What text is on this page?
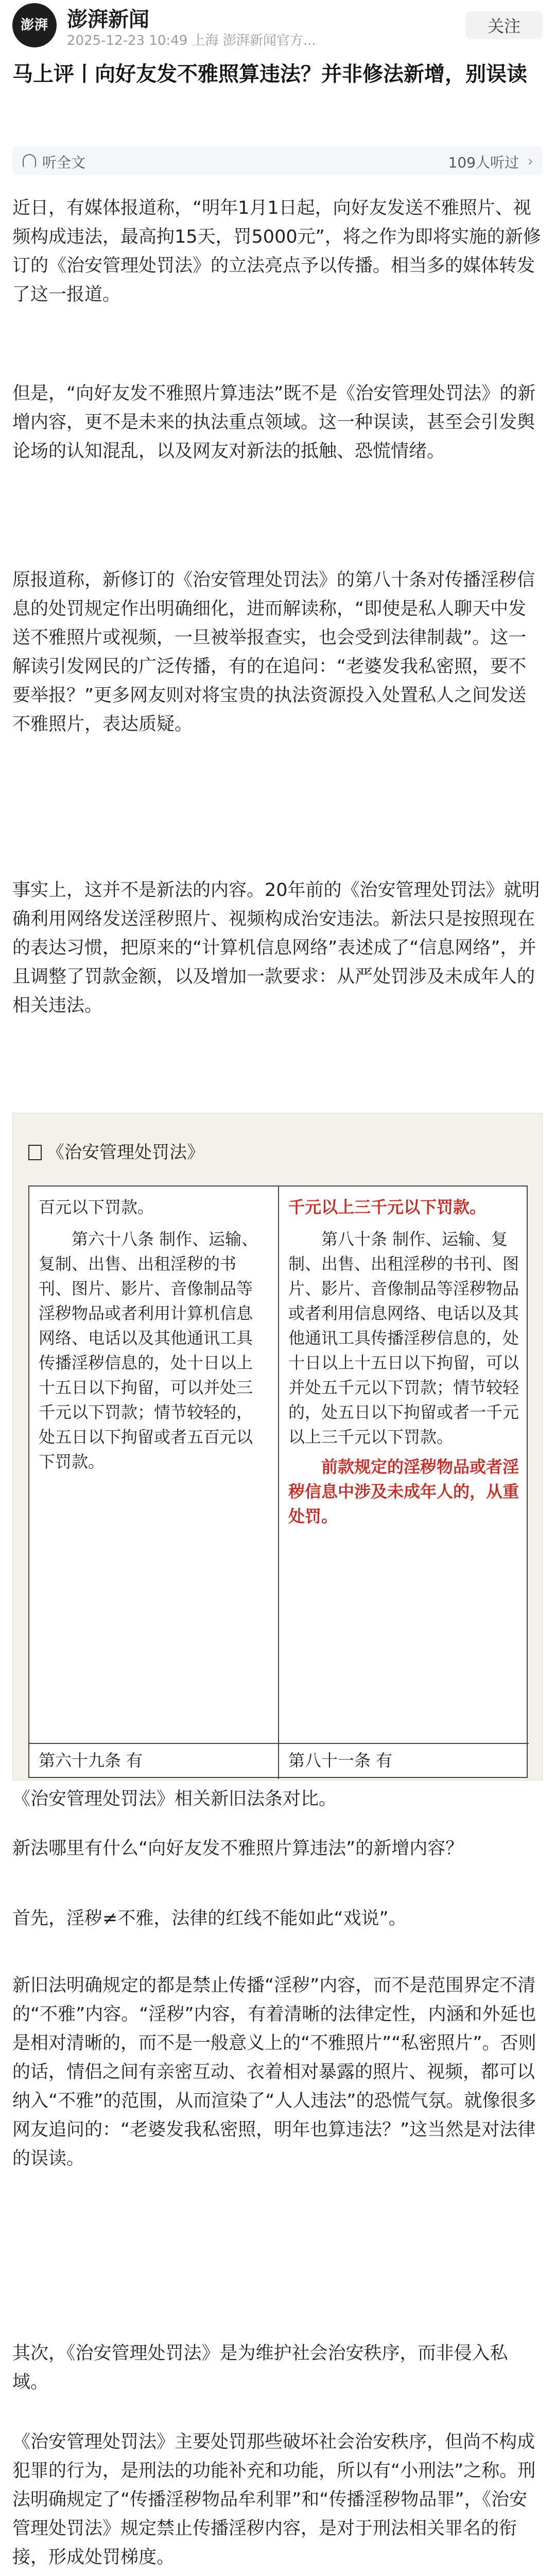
澎湃 澎湃新闻
2025-12-23 10:49 上海 澎湃新闻官方...
关注
马上评丨向好友发不雅照算违法？并非修法新增，别误读
听全文	109人听过 ›
近日，有媒体报道称，“明年1月1日起，向好友发送不雅照片、视频构成违法，最高拘15天，罚5000元”，将之作为即将实施的新修订的《治安管理处罚法》的立法亮点予以传播。相当多的媒体转发了这一报道。
但是，“向好友发不雅照片算违法”既不是《治安管理处罚法》的新增内容，更不是未来的执法重点领域。这一种误读，甚至会引发舆论场的认知混乱，以及网友对新法的抵触、恐慌情绪。
原报道称，新修订的《治安管理处罚法》的第八十条对传播淫秽信息的处罚规定作出明确细化，进而解读称，“即使是私人聊天中发送不雅照片或视频，一旦被举报查实，也会受到法律制裁”。这一解读引发网民的广泛传播，有的在追问：“老婆发我私密照，要不要举报？”更多网友则对将宝贵的执法资源投入处置私人之间发送不雅照片，表达质疑。
事实上，这并不是新法的内容。20年前的《治安管理处罚法》就明确利用网络发送淫秽照片、视频构成治安违法。新法只是按照现在的表达习惯，把原来的“计算机信息网络”表述成了“信息网络”，并且调整了罚款金额，以及增加一款要求：从严处罚涉及未成年人的相关违法。
《治安管理处罚法》
百元以下罚款。
第六十八条 制作、运输、复制、出售、出租淫秽的书刊、图片、影片、音像制品等淫秽物品或者利用计算机信息网络、电话以及其他通讯工具传播淫秽信息的，处十日以上十五日以下拘留，可以并处三千元以下罚款；情节较轻的，处五日以下拘留或者五百元以下罚款。
第六十九条 有
千元以上三千元以下罚款。
第八十条 制作、运输、复制、出售、出租淫秽的书刊、图片、影片、音像制品等淫秽物品或者利用信息网络、电话以及其他通讯工具传播淫秽信息的，处十日以上十五日以下拘留，可以并处五千元以下罚款；情节较轻的，处五日以下拘留或者一千元以上三千元以下罚款。
前款规定的淫秽物品或者淫秽信息中涉及未成年人的，从重处罚。
第八十一条 有
《治安管理处罚法》相关新旧法条对比。
新法哪里有什么“向好友发不雅照片算违法”的新增内容？
首先，淫秽≠不雅，法律的红线不能如此“戏说”。
新旧法明确规定的都是禁止传播“淫秽”内容，而不是范围界定不清的“不雅”内容。“淫秽”内容，有着清晰的法律定性，内涵和外延也是相对清晰的，而不是一般意义上的“不雅照片”“私密照片”。否则的话，情侣之间有亲密互动、衣着相对暴露的照片、视频，都可以纳入“不雅”的范围，从而渲染了“人人违法”的恐慌气氛。就像很多网友追问的：“老婆发我私密照，明年也算违法？”这当然是对法律的误读。
其次，《治安管理处罚法》是为维护社会治安秩序，而非侵入私域。
《治安管理处罚法》主要处罚那些破坏社会治安秩序，但尚不构成犯罪的行为，是刑法的功能补充和功能，所以有“小刑法”之称。刑法明确规定了“传播淫秽物品牟利罪”和“传播淫秽物品罪”，《治安管理处罚法》规定禁止传播淫秽内容，是对于刑法相关罪名的衔接，形成处罚梯度。
